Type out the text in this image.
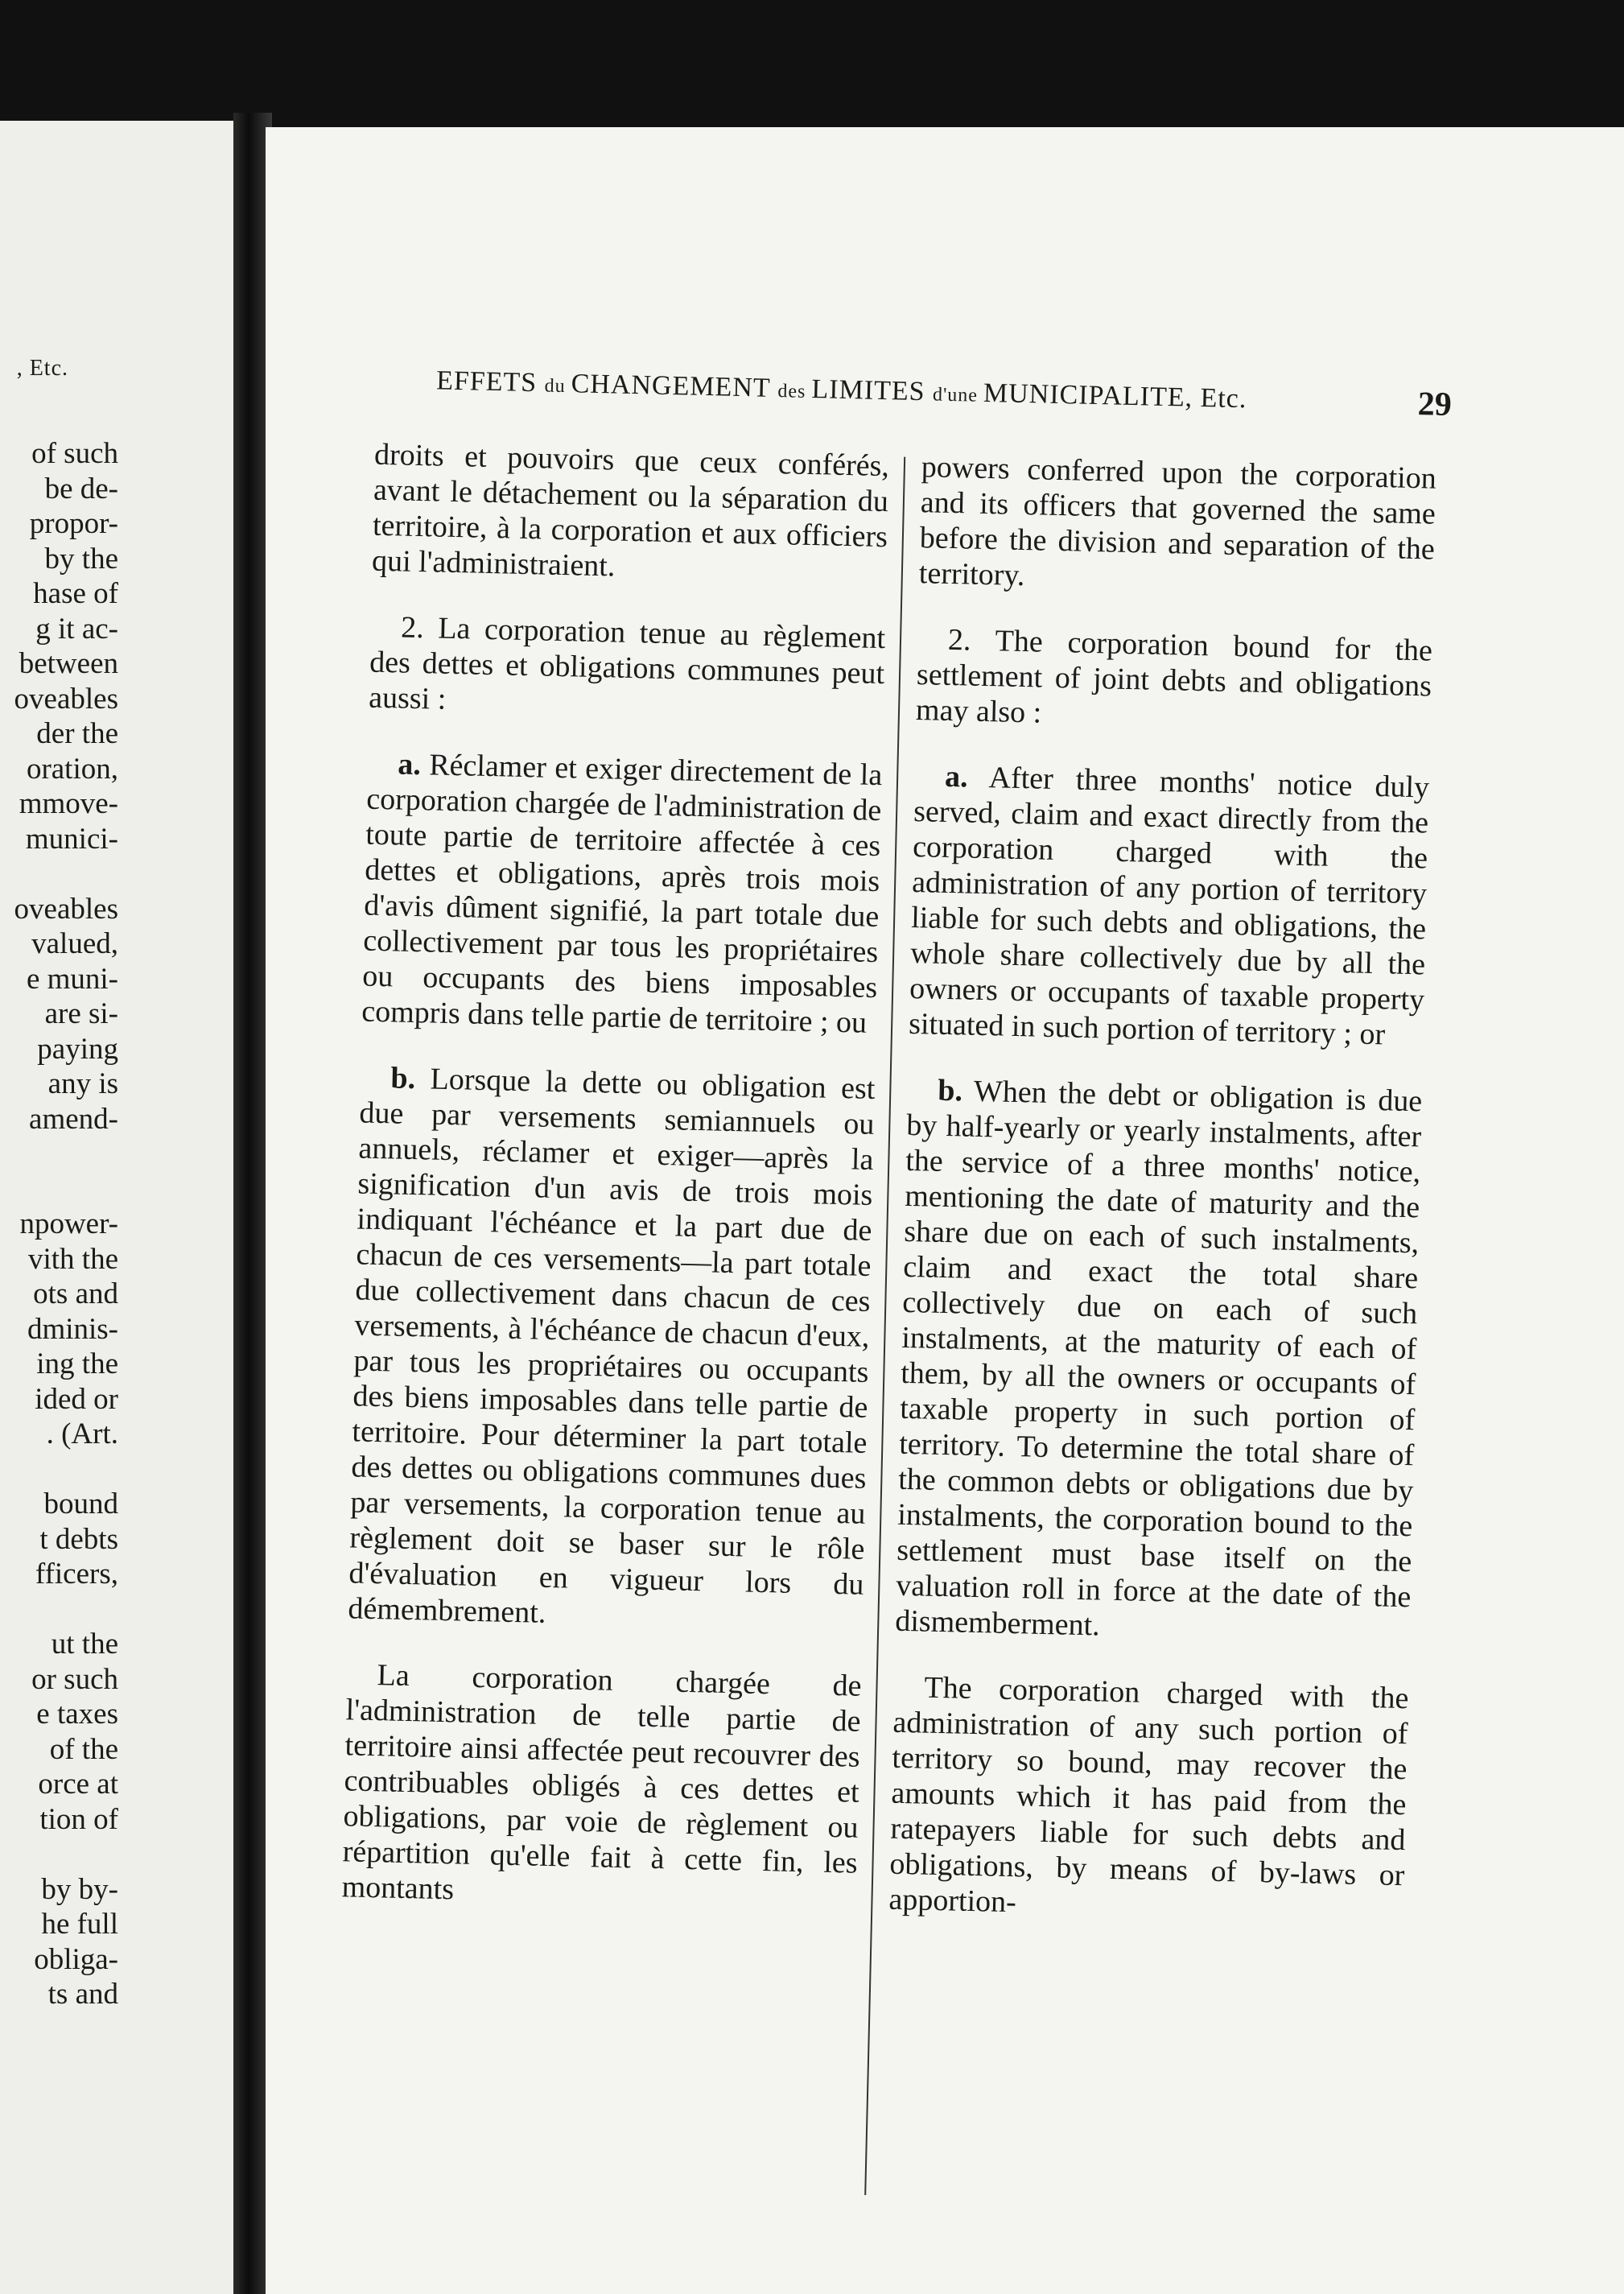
, Etc.
of such
be de-
propor-
by the
hase of
g it ac-
between
oveables
der the
oration,
mmove-
munici-
oveables
valued,
e muni-
are si-
paying
any is
amend-
npower-
vith the
ots and
dminis-
ing the
ided or
. (Art.
bound
t debts
fficers,
ut the
or such
e taxes
of the
orce at
tion of
by by-
he full
obliga-
ts and
EFFETS du CHANGEMENT des LIMITES d'une MUNICIPALITE, Etc.	29

droits et pouvoirs que ceux conférés, avant le détachement ou la séparation du territoire, à la corporation et aux officiers qui l'administraient.

2. La corporation tenue au règlement des dettes et obligations communes peut aussi :

a. Réclamer et exiger directement de la corporation chargée de l'administration de toute partie de territoire affectée à ces dettes et obligations, après trois mois d'avis dûment signifié, la part totale due collectivement par tous les propriétaires ou occupants des biens imposables compris dans telle partie de territoire ; ou

b. Lorsque la dette ou obligation est due par versements semiannuels ou annuels, réclamer et exiger—après la signification d'un avis de trois mois indiquant l'échéance et la part due de chacun de ces versements—la part totale due collectivement dans chacun de ces versements, à l'échéance de chacun d'eux, par tous les propriétaires ou occupants des biens imposables dans telle partie de territoire. Pour déterminer la part totale des dettes ou obligations communes dues par versements, la corporation tenue au règlement doit se baser sur le rôle d'évaluation en vigueur lors du démembrement.

La corporation chargée de l'administration de telle partie de territoire ainsi affectée peut recouvrer des contribuables obligés à ces dettes et obligations, par voie de règlement ou répartition qu'elle fait à cette fin, les montants

powers conferred upon the corporation and its officers that governed the same before the division and separation of the territory.

2. The corporation bound for the settlement of joint debts and obligations may also :

a. After three months' notice duly served, claim and exact directly from the corporation charged with the administration of any portion of territory liable for such debts and obligations, the whole share collectively due by all the owners or occupants of taxable property situated in such portion of territory ; or

b. When the debt or obligation is due by half-yearly or yearly instalments, after the service of a three months' notice, mentioning the date of maturity and the share due on each of such instalments, claim and exact the total share collectively due on each of such instalments, at the maturity of each of them, by all the owners or occupants of taxable property in such portion of territory. To determine the total share of the common debts or obligations due by instalments, the corporation bound to the settlement must base itself on the valuation roll in force at the date of the dismemberment.

The corporation charged with the administration of any such portion of territory so bound, may recover the amounts which it has paid from the ratepayers liable for such debts and obligations, by means of by-laws or apportion-
